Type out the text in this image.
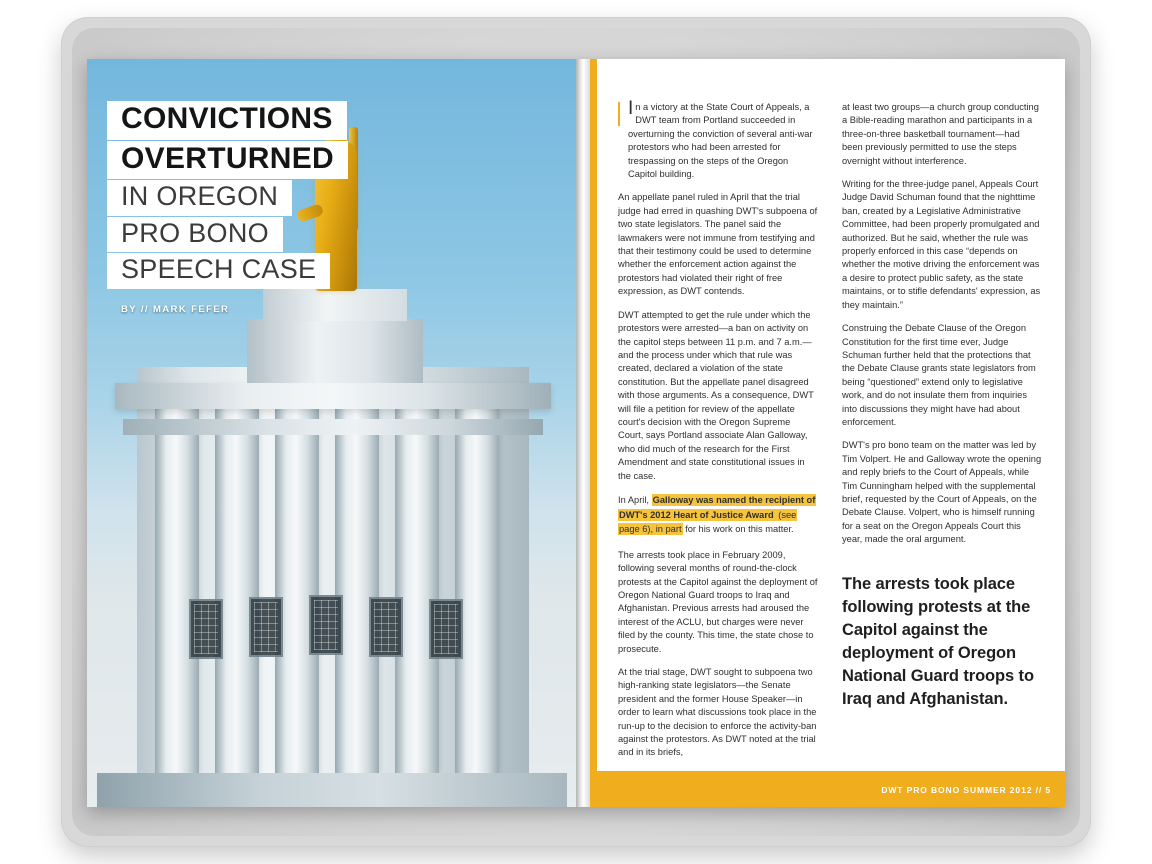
CONVICTIONS
OVERTURNED
IN OREGON
PRO BONO
SPEECH CASE
BY // MARK FEFER

I n a victory at the State Court of Appeals, a DWT team from Portland succeeded in overturning the conviction of several anti-war protestors who had been arrested for trespassing on the steps of the Oregon Capitol building.

An appellate panel ruled in April that the trial judge had erred in quashing DWT's subpoena of two state legislators. The panel said the lawmakers were not immune from testifying and that their testimony could be used to determine whether the enforcement action against the protestors had violated their right of free expression, as DWT contends.

DWT attempted to get the rule under which the protestors were arrested—a ban on activity on the capitol steps between 11 p.m. and 7 a.m.—and the process under which that rule was created, declared a violation of the state constitution. But the appellate panel disagreed with those arguments. As a consequence, DWT will file a petition for review of the appellate court's decision with the Oregon Supreme Court, says Portland associate Alan Galloway, who did much of the research for the First Amendment and state constitutional issues in the case.

In April, Galloway was named the recipient of DWT's 2012 Heart of Justice Award (see page 6), in part for his work on this matter.

The arrests took place in February 2009, following several months of round-the-clock protests at the Capitol against the deployment of Oregon National Guard troops to Iraq and Afghanistan. Previous arrests had aroused the interest of the ACLU, but charges were never filed by the county. This time, the state chose to prosecute.

At the trial stage, DWT sought to subpoena two high-ranking state legislators—the Senate president and the former House Speaker—in order to learn what discussions took place in the run-up to the decision to enforce the activity-ban against the protestors. As DWT noted at the trial and in its briefs,

at least two groups—a church group conducting a Bible-reading marathon and participants in a three-on-three basketball tournament—had been previously permitted to use the steps overnight without interference.

Writing for the three-judge panel, Appeals Court Judge David Schuman found that the nighttime ban, created by a Legislative Administrative Committee, had been properly promulgated and authorized. But he said, whether the rule was properly enforced in this case “depends on whether the motive driving the enforcement was a desire to protect public safety, as the state maintains, or to stifle defendants' expression, as they maintain.”

Construing the Debate Clause of the Oregon Constitution for the first time ever, Judge Schuman further held that the protections that the Debate Clause grants state legislators from being “questioned” extend only to legislative work, and do not insulate them from inquiries into discussions they might have had about enforcement.

DWT's pro bono team on the matter was led by Tim Volpert. He and Galloway wrote the opening and reply briefs to the Court of Appeals, while Tim Cunningham helped with the supplemental brief, requested by the Court of Appeals, on the Debate Clause. Volpert, who is himself running for a seat on the Oregon Appeals Court this year, made the oral argument.

The arrests took place following protests at the Capitol against the deployment of Oregon National Guard troops to Iraq and Afghanistan.
DWT PRO BONO SUMMER 2012 // 5
